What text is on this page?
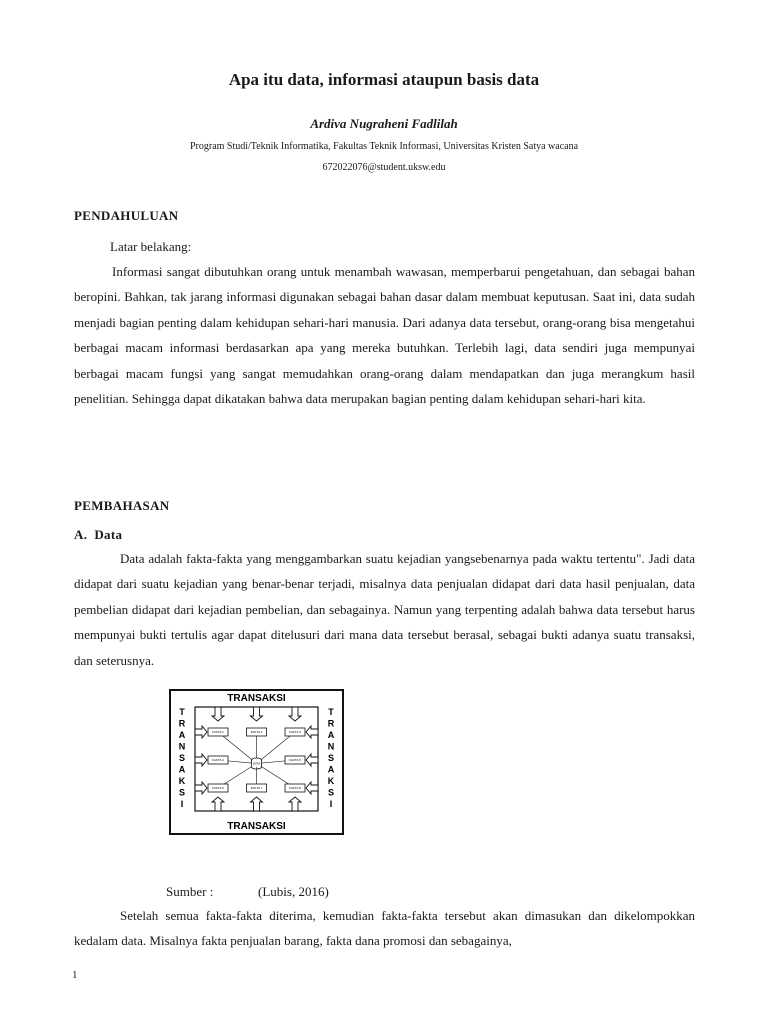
Apa itu data, informasi ataupun basis data
Ardiva Nugraheni Fadlilah
Program Studi/Teknik Informatika, Fakultas Teknik Informasi, Universitas Kristen Satya wacana
672022076@student.uksw.edu
PENDAHULUAN
Latar belakang:

Informasi sangat dibutuhkan orang untuk menambah wawasan, memperbarui pengetahuan, dan sebagai bahan beropini. Bahkan, tak jarang informasi digunakan sebagai bahan dasar dalam membuat keputusan. Saat ini, data sudah menjadi bagian penting dalam kehidupan sehari-hari manusia. Dari adanya data tersebut, orang-orang bisa mengetahui berbagai macam informasi berdasarkan apa yang mereka butuhkan. Terlebih lagi, data sendiri juga mempunyai berbagai macam fungsi yang sangat memudahkan orang-orang dalam mendapatkan dan juga merangkum hasil penelitian. Sehingga dapat dikatakan bahwa data merupakan bagian penting dalam kehidupan sehari-hari kita.

PEMBAHASAN
A.  Data

Data adalah fakta-fakta yang menggambarkan suatu kejadian yangsebenarnya pada waktu tertentu". Jadi data didapat dari suatu kejadian yang benar-benar terjadi, misalnya data penjualan didapat dari data hasil penjualan, data pembelian didapat dari kejadian pembelian, dan sebagainya. Namun yang terpenting adalah bahwa data tersebut harus mempunyai bukti tertulis agar dapat ditelusuri dari mana data tersebut berasal, sebagai bukti adanya suatu transaksi, dan seterusnya.

TRANSAKSI
TRANSAKSI
T
R
A
N
S
A
K
S
I
T
R
A
N
S
A
K
S
I
FAKTA 1	FAKTA 2	FAKTA 3
FAKTA 4	FAKTA 5
FAKTA 6	FAKTA 7	FAKTA 8
DATA
Sumber :	(Lubis, 2016)

Setelah semua fakta-fakta diterima, kemudian fakta-fakta tersebut akan dimasukan dan dikelompokkan kedalam data. Misalnya fakta penjualan barang, fakta dana promosi dan sebagainya,

1
